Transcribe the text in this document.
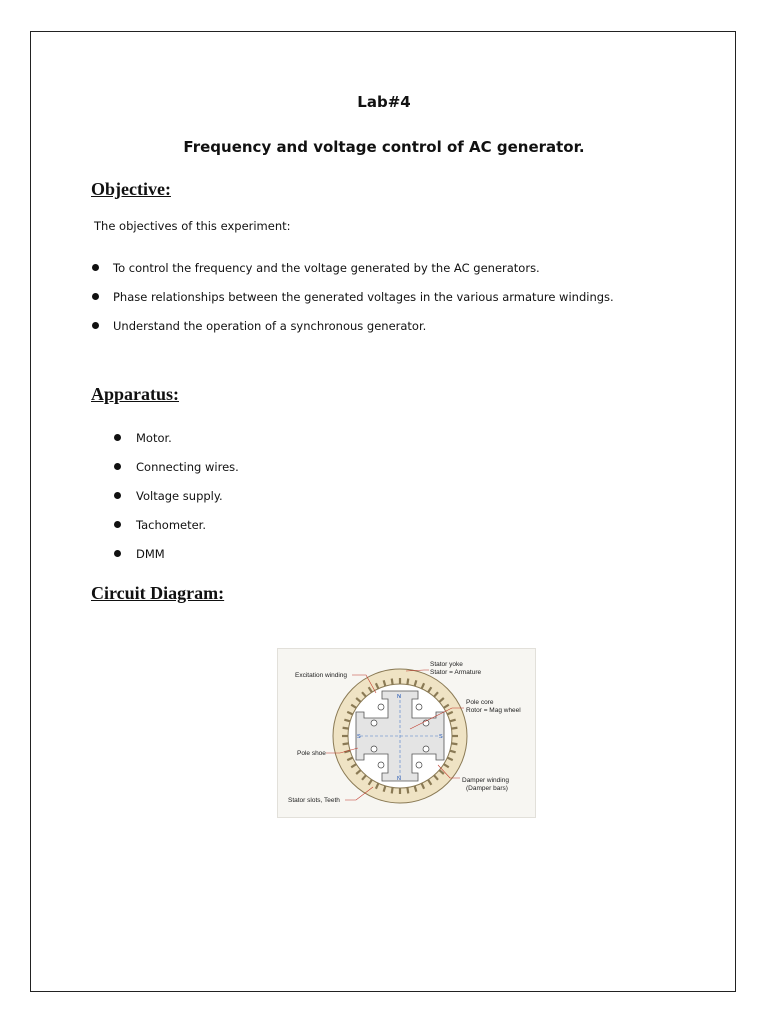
Lab#4
Frequency and voltage control of AC generator.
Objective:
The objectives of this experiment:
To control the frequency and the voltage generated by the AC generators.
Phase relationships between the generated voltages in the various armature windings.
Understand the operation of a synchronous generator.
Apparatus:
Motor.
Connecting wires.
Voltage supply.
Tachometer.
DMM
Circuit Diagram:
N
N
S	S
Excitation winding
Stator yoke
Stator = Armature
Pole core
Rotor = Mag wheel
Pole shoe
Damper winding
(Damper bars)
Stator slots, Teeth
